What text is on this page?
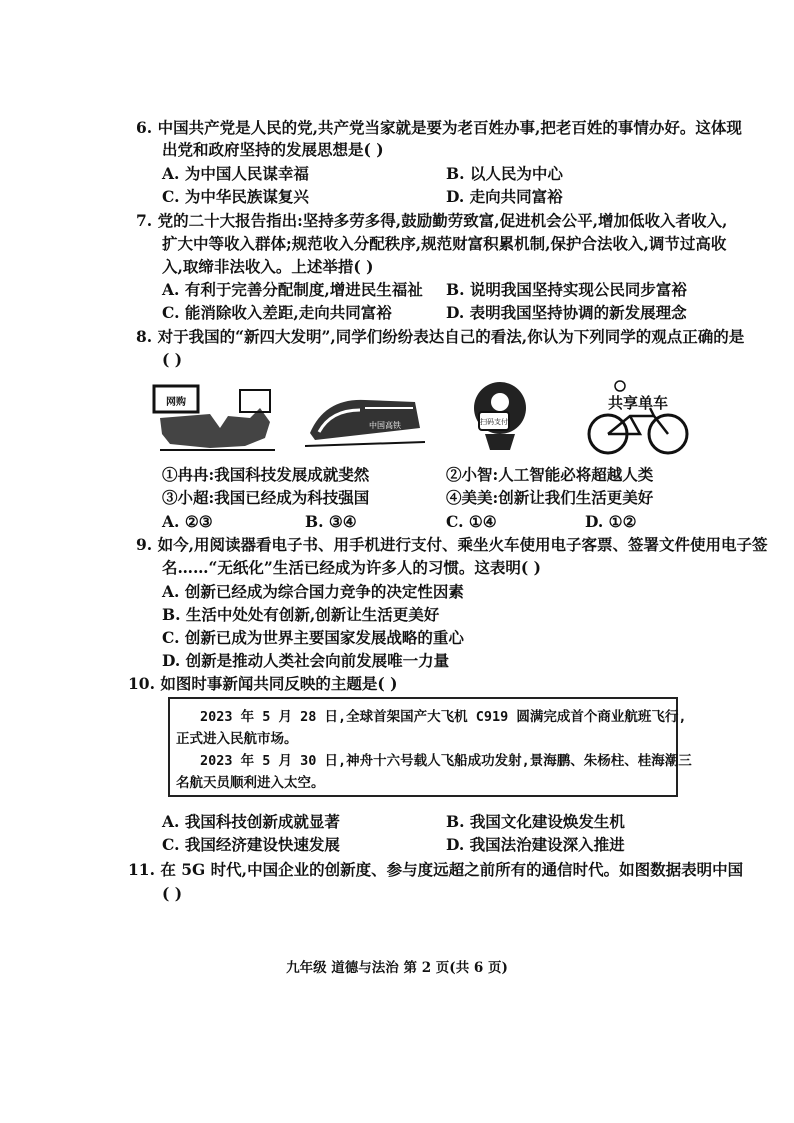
6. 中国共产党是人民的党,共产党当家就是要为老百姓办事,把老百姓的事情办好。这体现
出党和政府坚持的发展思想是( )
A. 为中国人民谋幸福	B. 以人民为中心
C. 为中华民族谋复兴	D. 走向共同富裕
7. 党的二十大报告指出:坚持多劳多得,鼓励勤劳致富,促进机会公平,增加低收入者收入,
扩大中等收入群体;规范收入分配秩序,规范财富积累机制,保护合法收入,调节过高收
入,取缔非法收入。上述举措( )
A. 有利于完善分配制度,增进民生福祉 B. 说明我国坚持实现公民同步富裕
C. 能消除收入差距,走向共同富裕	D. 表明我国坚持协调的新发展理念
8. 对于我国的“新四大发明”,同学们纷纷表达自己的看法,你认为下列同学的观点正确的是
( )
网购
中国高铁	扫码支付
共享单车
①冉冉:我国科技发展成就斐然	②小智:人工智能必将超越人类
③小超:我国已经成为科技强国	④美美:创新让我们生活更美好
A. ②③	B. ③④	C. ①④	D. ①②
9. 如今,用阅读器看电子书、用手机进行支付、乘坐火车使用电子客票、签署文件使用电子签
名……“无纸化”生活已经成为许多人的习惯。这表明( )
A. 创新已经成为综合国力竞争的决定性因素
B. 生活中处处有创新,创新让生活更美好
C. 创新已成为世界主要国家发展战略的重心
D. 创新是推动人类社会向前发展唯一力量
10. 如图时事新闻共同反映的主题是( )
2023 年 5 月 28 日,全球首架国产大飞机 C919 圆满完成首个商业航班飞行,
正式进入民航市场。
2023 年 5 月 30 日,神舟十六号载人飞船成功发射,景海鹏、朱杨柱、桂海潮三
名航天员顺利进入太空。
A. 我国科技创新成就显著	B. 我国文化建设焕发生机
C. 我国经济建设快速发展	D. 我国法治建设深入推进
11. 在 5G 时代,中国企业的创新度、参与度远超之前所有的通信时代。如图数据表明中国
( )
九年级 道德与法治 第 2 页(共 6 页)
